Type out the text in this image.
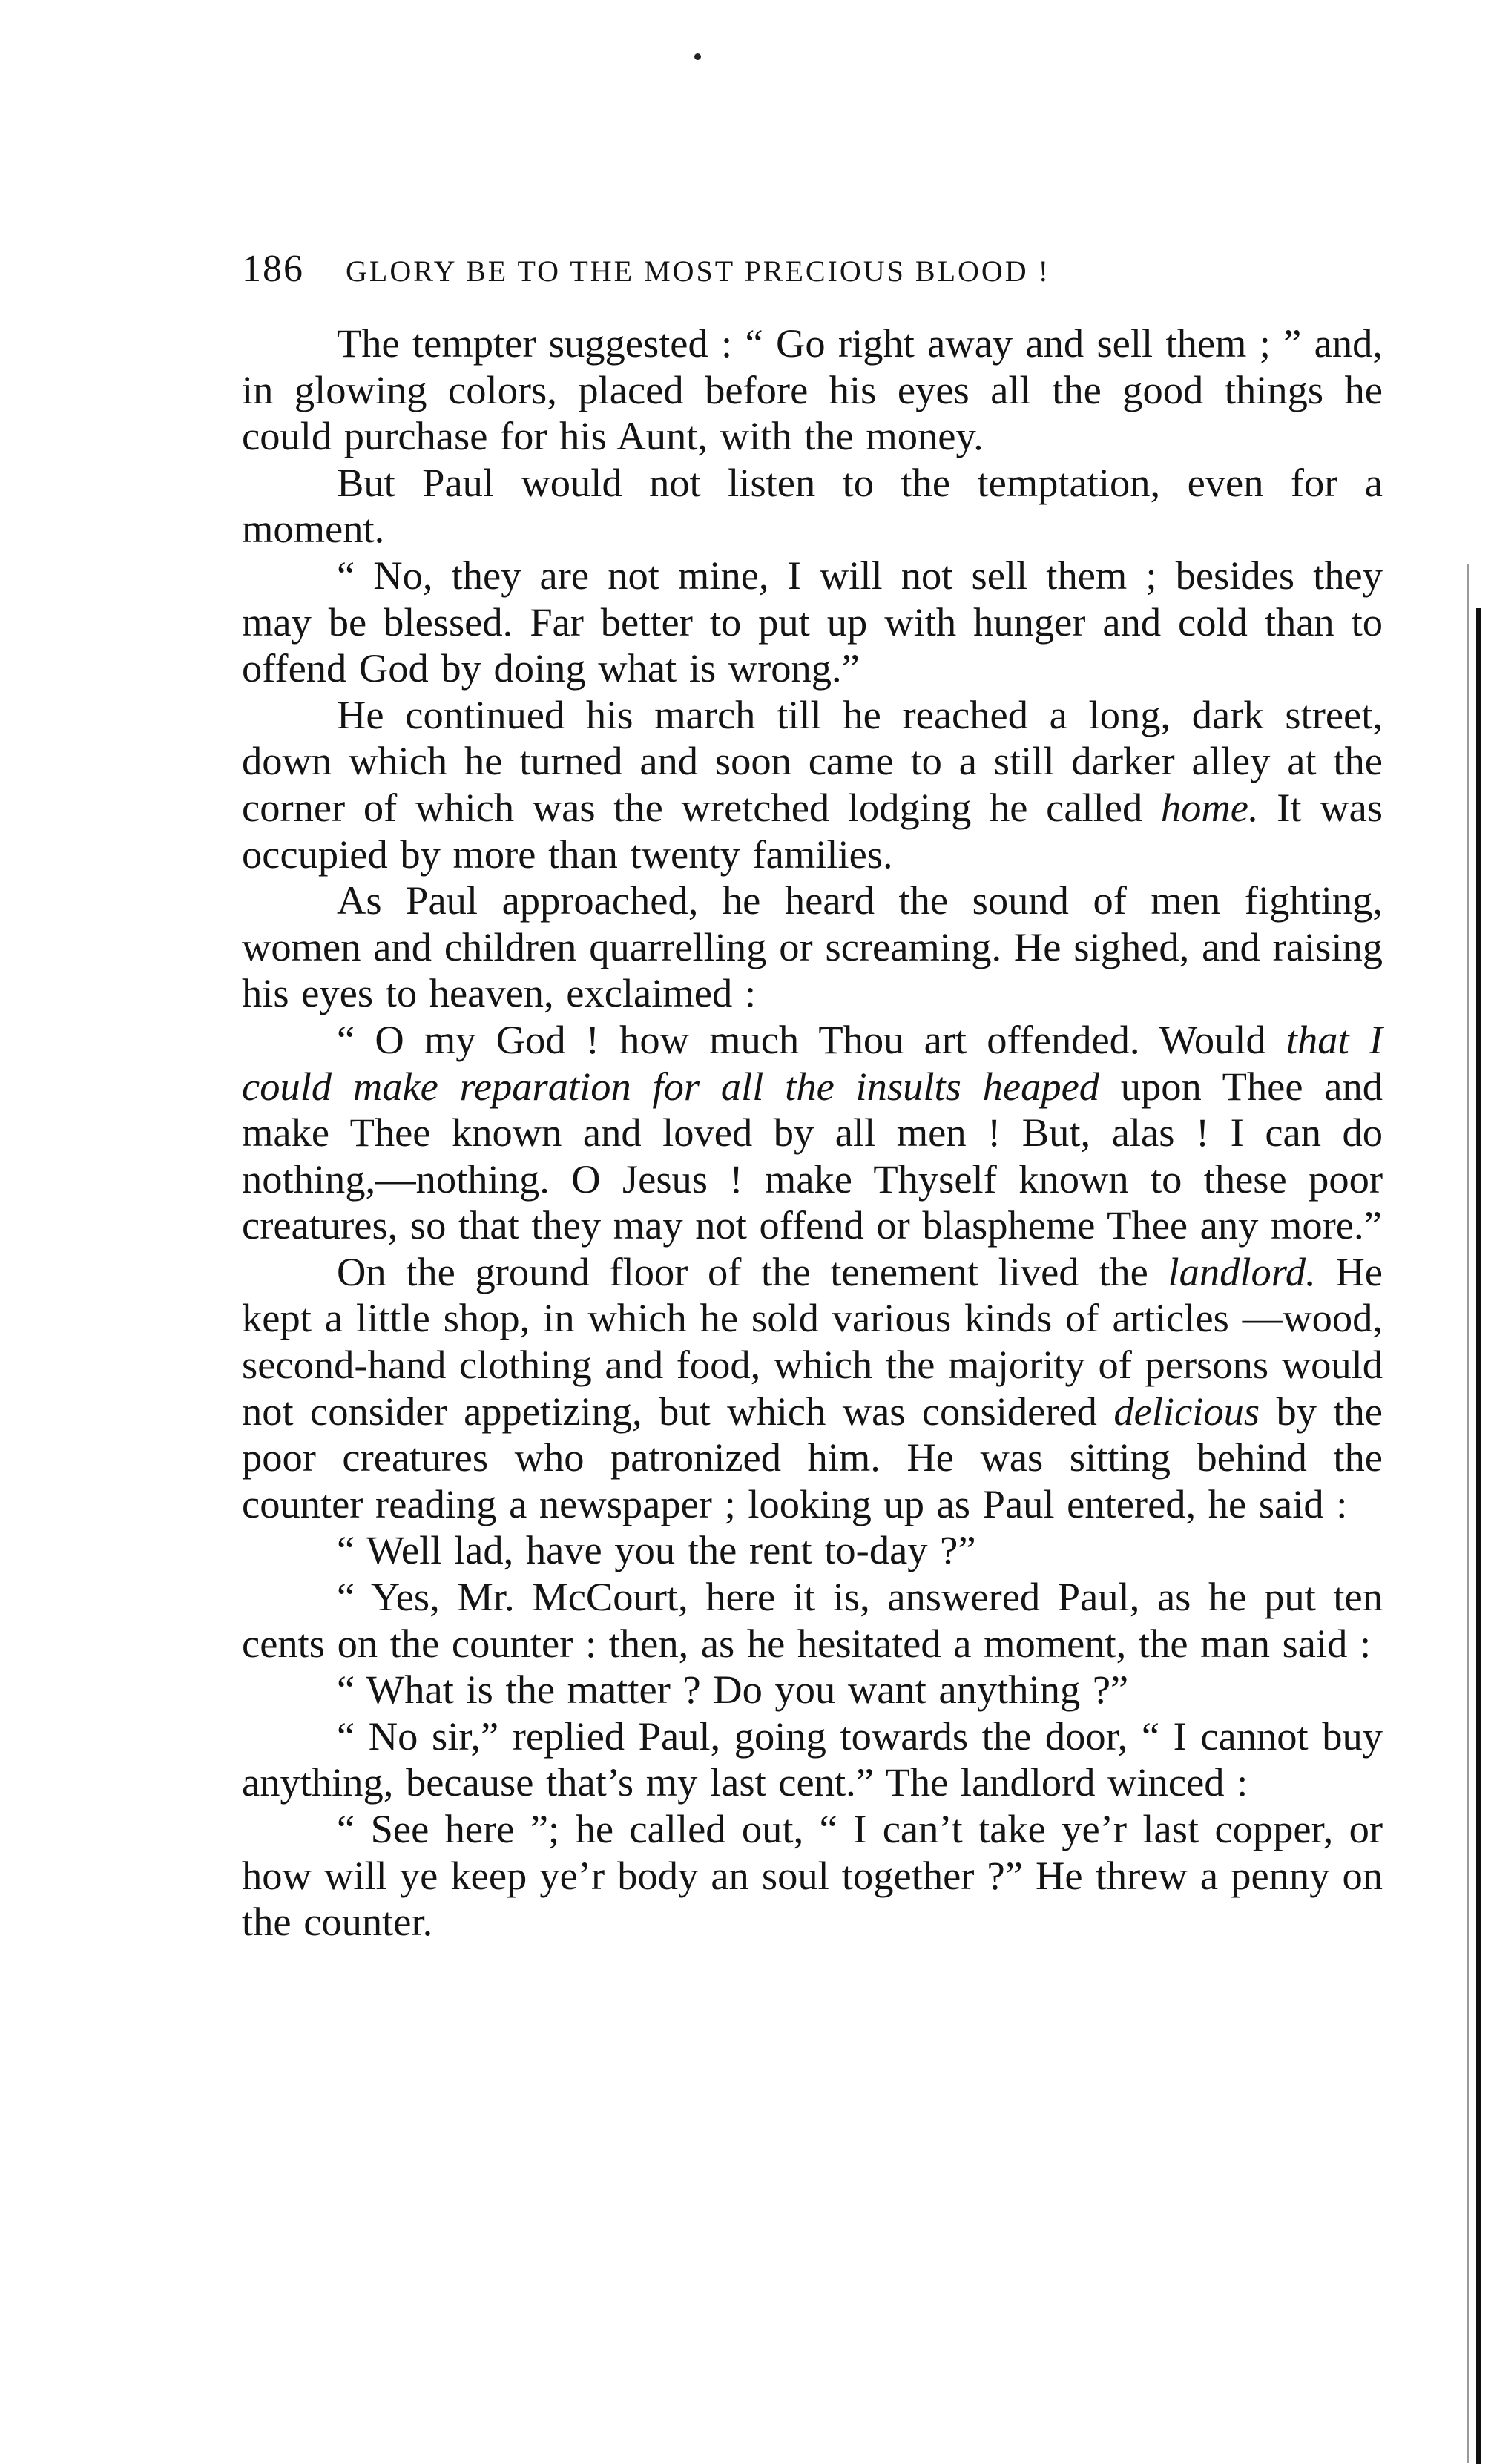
186 GLORY BE TO THE MOST PRECIOUS BLOOD !

The tempter suggested : “ Go right away and sell them ; ” and, in glowing colors, placed before his eyes all the good things he could purchase for his Aunt, with the money.

But Paul would not listen to the temptation, even for a moment.

“ No, they are not mine, I will not sell them ; besides they may be blessed. Far better to put up with hunger and cold than to offend God by doing what is wrong.”

He continued his march till he reached a long, dark street, down which he turned and soon came to a still darker alley at the corner of which was the wretched lodging he called home. It was occupied by more than twenty families.

As Paul approached, he heard the sound of men fighting, women and children quarrelling or screaming. He sighed, and raising his eyes to heaven, exclaimed :

“ O my God ! how much Thou art offended. Would that I could make reparation for all the insults heaped upon Thee and make Thee known and loved by all men ! But, alas ! I can do nothing,—nothing. O Jesus ! make Thyself known to these poor creatures, so that they may not offend or blaspheme Thee any more.”

On the ground floor of the tenement lived the landlord. He kept a little shop, in which he sold various kinds of articles —wood, second-hand clothing and food, which the majority of persons would not consider appetizing, but which was considered delicious by the poor creatures who patronized him. He was sitting behind the counter reading a newspaper ; looking up as Paul entered, he said :

“ Well lad, have you the rent to-day ?”

“ Yes, Mr. McCourt, here it is, answered Paul, as he put ten cents on the counter : then, as he hesitated a moment, the man said :

“ What is the matter ? Do you want anything ?”

“ No sir,” replied Paul, going towards the door, “ I cannot buy anything, because that’s my last cent.” The landlord winced :

“ See here ”; he called out, “ I can’t take ye’r last copper, or how will ye keep ye’r body an soul together ?” He threw a penny on the counter.
